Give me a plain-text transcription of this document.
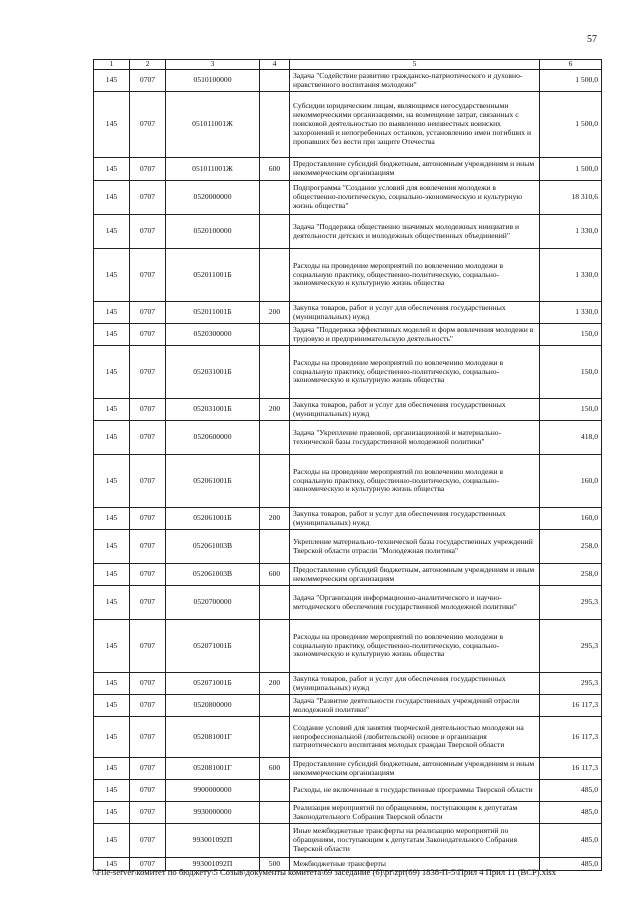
57
1	2	3	4	5	6
145	0707	0510100000		Задача "Содействие развитию гражданско-патриотического и духовно-нравственного воспитания молодежи"	1 500,0
145	0707	051011001Ж		Субсидии юридическим лицам, являющимся негосударственными некоммерческими организациями, на возмещение затрат, связанных с поисковой деятельностью по выявлению неизвестных воинских захоронений и непогребенных останков, установлению имен погибших и пропавших без вести при защите Отечества	1 500,0
145	0707	051011001Ж	600	Предоставление субсидий бюджетным, автономным учреждениям и иным некоммерческим организациям	1 500,0
145	0707	0520000000		Подпрограмма "Создание условий для вовлечения молодежи в общественно-политическую, социально-экономическую и культурную жизнь общества"	18 310,6
145	0707	0520100000		Задача "Поддержка общественно значимых молодежных инициатив и деятельности детских и молодежных общественных объединений"	1 330,0
145	0707	052011001Б		Расходы на проведение мероприятий по вовлечению молодежи в социальную практику, общественно-политическую, социально-экономическую и культурную жизнь общества	1 330,0
145	0707	052011001Б	200	Закупка товаров, работ и услуг для обеспечения государственных (муниципальных) нужд	1 330,0
145	0707	0520300000		Задача "Поддержка эффективных моделей и форм вовлечения молодежи в трудовую и предпринимательскую деятельность"	150,0
145	0707	052031001Б		Расходы на проведение мероприятий по вовлечению молодежи в социальную практику, общественно-политическую, социально-экономическую и культурную жизнь общества	150,0
145	0707	052031001Б	200	Закупка товаров, работ и услуг для обеспечения государственных (муниципальных) нужд	150,0
145	0707	0520600000		Задача "Укрепление правовой, организационной и материально-технической базы государственной молодежной политики"	418,0
145	0707	052061001Б		Расходы на проведение мероприятий по вовлечению молодежи в социальную практику, общественно-политическую, социально-экономическую и культурную жизнь общества	160,0
145	0707	052061001Б	200	Закупка товаров, работ и услуг для обеспечения государственных (муниципальных) нужд	160,0
145	0707	052061003В		Укрепление материально-технической базы государственных учреждений Тверской области отрасли "Молодежная политика"	258,0
145	0707	052061003В	600	Предоставление субсидий бюджетным, автономным учреждениям и иным некоммерческим организациям	258,0
145	0707	0520700000		Задача "Организация информационно-аналитического и научно-методического обеспечения государственной молодежной политики"	295,3
145	0707	052071001Б		Расходы на проведение мероприятий по вовлечению молодежи в социальную практику, общественно-политическую, социально-экономическую и культурную жизнь общества	295,3
145	0707	052071001Б	200	Закупка товаров, работ и услуг для обеспечения государственных (муниципальных) нужд	295,3
145	0707	0520800000		Задача "Развитие деятельности государственных учреждений отрасли молодежной политики"	16 117,3
145	0707	052081001Г		Создание условий для занятия творческой деятельностью молодежи на непрофессиональной (любительской) основе и организация патриотического воспитания молодых граждан Тверской области	16 117,3
145	0707	052081001Г	600	Предоставление субсидий бюджетным, автономным учреждениям и иным некоммерческим организациям	16 117,3
145	0707	9900000000		Расходы, не включенные в государственные программы Тверской области	485,0
145	0707	9930000000		Реализация мероприятий по обращениям, поступающим к депутатам Законодательного Собрания Тверской области	485,0
145	0707	993001092П		Иные межбюджетные трансферты на реализацию мероприятий по обращениям, поступающим к депутатам Законодательного Собрания Тверской области	485,0
145	0707	993001092П	500	Межбюджетные трансферты	485,0
\\File-server\комитет по бюджету\5 Созыв\документы комитета\69 заседание (6)\pr\zpr(69) 1838-П-5\Прил 4 Прил 11 (ВСР).xlsx
